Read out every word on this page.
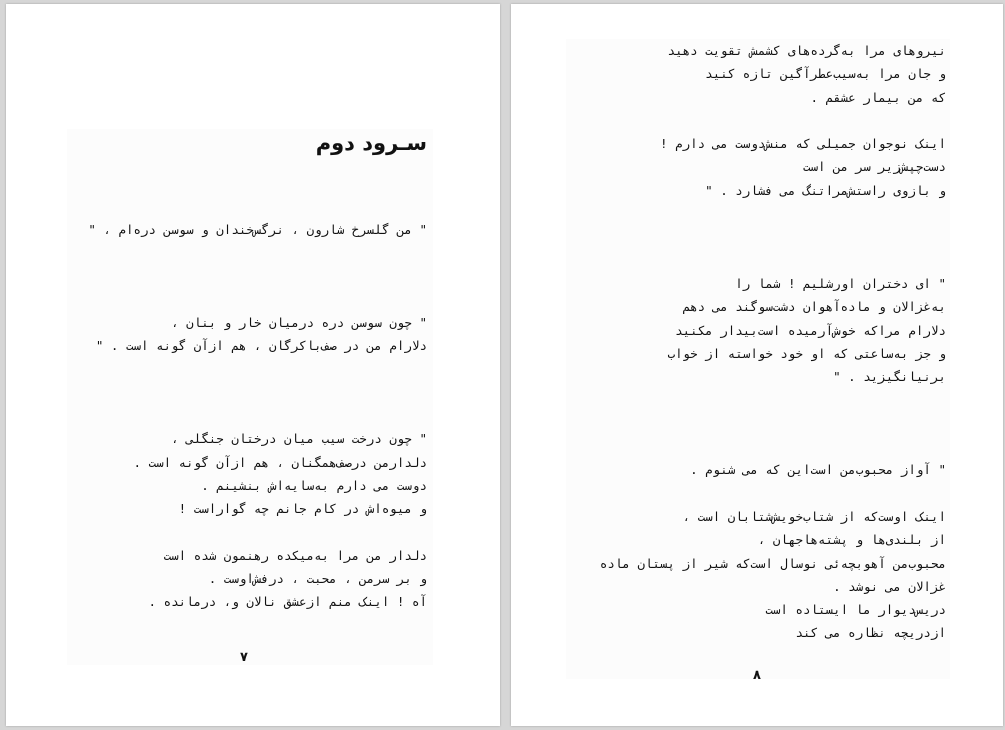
سـرود دوم
" من گلسرخ شارون ، نرگس‌خندان و سوسن دره‌ام ، "
" چون سوسن دره درمیان خار و بنان ،
دلارام من در صف‌باکرگان ، هم ازآن گونه است . "
" چون درخت سیب میان درختان جنگلی ،
دلدارمن درصف‌همگنان ، هم ازآن گونه است .
دوست می دارم به‌سایه‌اش بنشینم .
و میوه‌اش در کام جانم چه گواراست !
دلدار من مرا به‌میکده رهنمون شده است
و بر سرمن ، محبت ، درفش‌اوست .
آه ! اینک منم ازعشق نالان و، درمانده .
۷
نیروهای مرا به‌گرده‌های کشمش تقویت دهید
و جان مرا به‌سیب‌عطرآگین تازه کنید
که من بیمار عشقم .
اینک نوجوان جمیلی که منش‌دوست می دارم !
دست‌چپش‌زیر سر من است
و بازوی راستش‌مراتنگ می فشارد . "
" ای دختران اورشلیم ! شما را
به‌غزالان و ماده‌آهوان دشت‌سوگند می دهم
دلارام مراکه خوش‌آرمیده است‌بیدار مکنید
و جز به‌ساعتی که او خود خواسته از خواب
برنیانگیزید . "
" آواز محبوب‌من است‌این که می شنوم .
اینک اوست‌که از شتاب‌خویش‌شتابان است ،
از بلندی‌ها و پشته‌هاجهان ،
محبوب‌من آهوبچه‌ئی نوسال است‌که شیر از پستان ماده
غزالان می نوشد .
دریس‌دیوار ما ایستاده است
ازدریچه نظاره می کند
۸
